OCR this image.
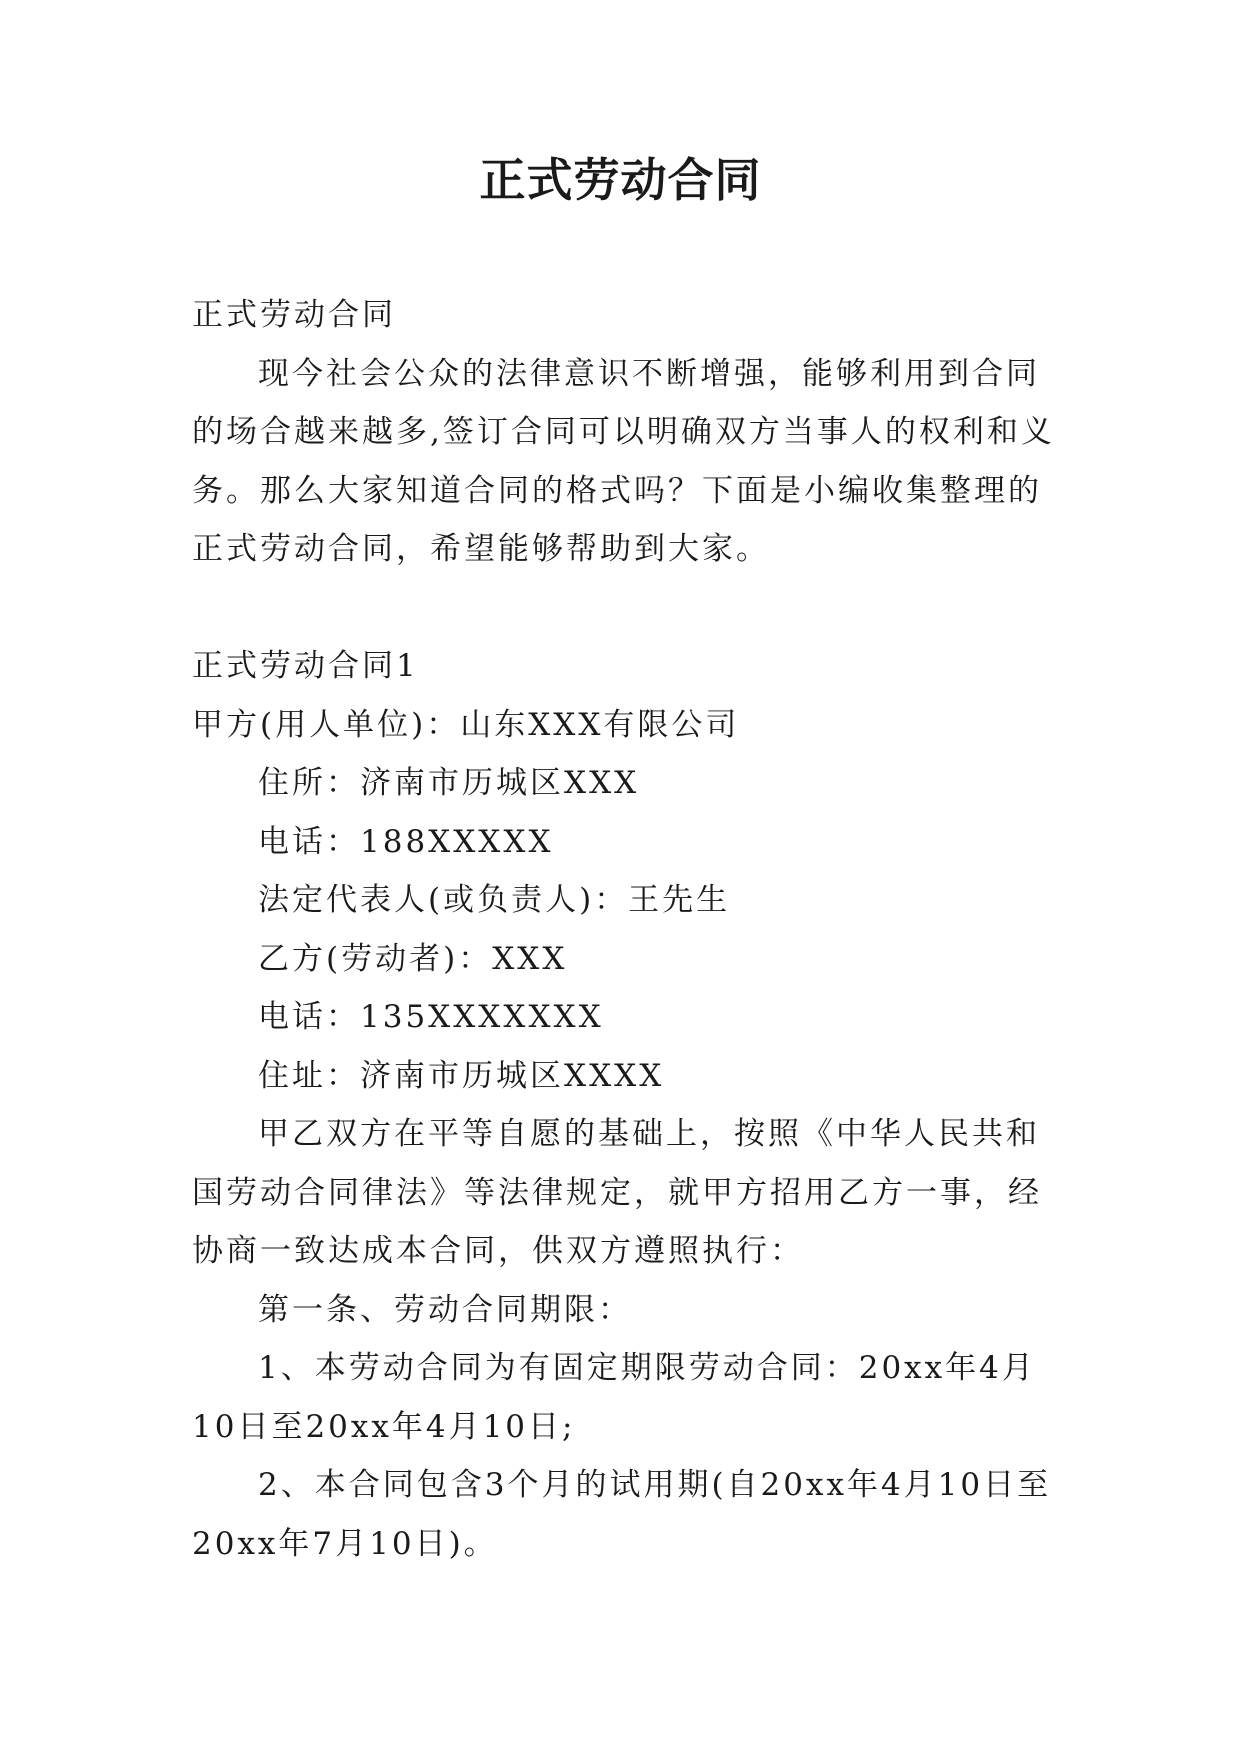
正式劳动合同

正式劳动合同

现今社会公众的法律意识不断增强，能够利用到合同的场合越来越多,签订合同可以明确双方当事人的权利和义务。那么大家知道合同的格式吗？下面是小编收集整理的正式劳动合同，希望能够帮助到大家。

正式劳动合同1

甲方(用人单位)：山东XXX有限公司

住所：济南市历城区XXX

电话：188XXXXX

法定代表人(或负责人)：王先生

乙方(劳动者)：XXX

电话：135XXXXXXX

住址：济南市历城区XXXX

甲乙双方在平等自愿的基础上，按照《中华人民共和国劳动合同律法》等法律规定，就甲方招用乙方一事，经协商一致达成本合同，供双方遵照执行：

第一条、劳动合同期限：

1、本劳动合同为有固定期限劳动合同：20xx年4月10日至20xx年4月10日;

2、本合同包含3个月的试用期(自20xx年4月10日至20xx年7月10日)。
